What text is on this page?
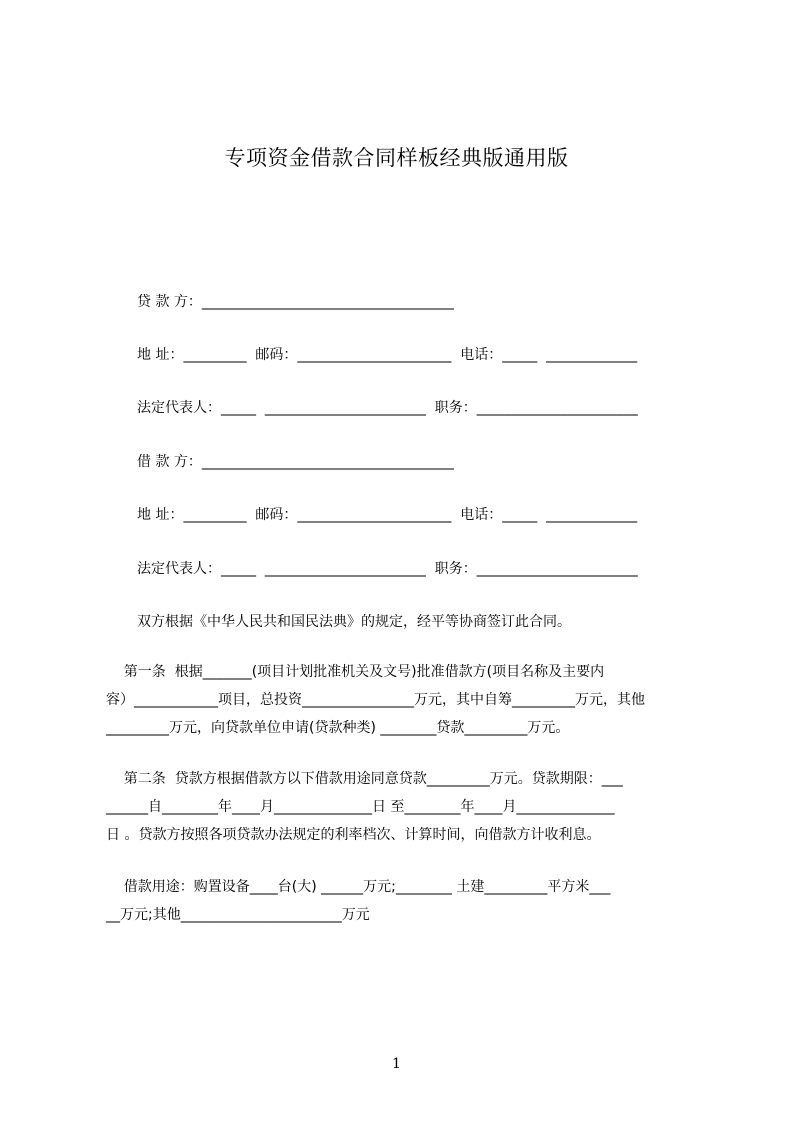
专项资金借款合同样板经典版通用版
贷 款 方：____________________________________
地 址：_________  邮码：______________________  电话：_____  _____________
法定代表人：_____  _______________________  职务：_______________________
借 款 方：____________________________________
地 址：_________  邮码：______________________  电话：_____  _____________
法定代表人：_____  _______________________  职务：_______________________
双方根据《中华人民共和国民法典》的规定，经平等协商签订此合同。
第一条  根据_______(项目计划批准机关及文号)批准借款方(项目名称及主要内
容）____________项目，总投资________________万元，其中自筹_________万元，其他
_________万元，向贷款单位申请(贷款种类) ________贷款_________万元。
第二条  贷款方根据借款方以下借款用途同意贷款_________万元。贷款期限：___
______自________年____月______________日 至________年____月______________
日 。贷款方按照各项贷款办法规定的利率档次、计算时间，向借款方计收利息。
借款用途：购置设备____台(大) ______万元;________ 土建_________平方米___
__万元;其他_______________________万元
1
